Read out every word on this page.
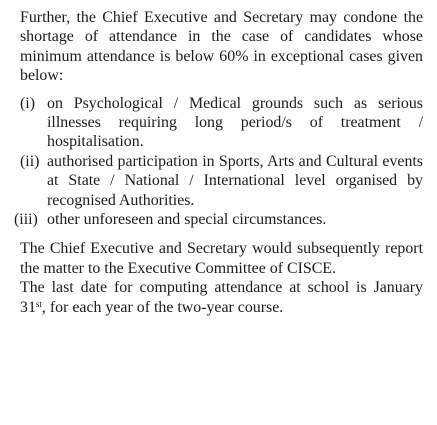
Further, the Chief Executive and Secretary may condone the shortage of attendance in the case of candidates whose minimum attendance is below 60% in exceptional cases given below:

(i) on Psychological / Medical grounds such as serious illnesses requiring long period/s of treatment / hospitalisation.
(ii) authorised participation in Sports, Arts and Cultural events at State / National / International level organised by recognised Authorities.
(iii) other unforeseen and special circumstances.

The Chief Executive and Secretary would subsequently report the matter to the Executive Committee of CISCE.

The last date for computing attendance at school is January 31st, for each year of the two-year course.
